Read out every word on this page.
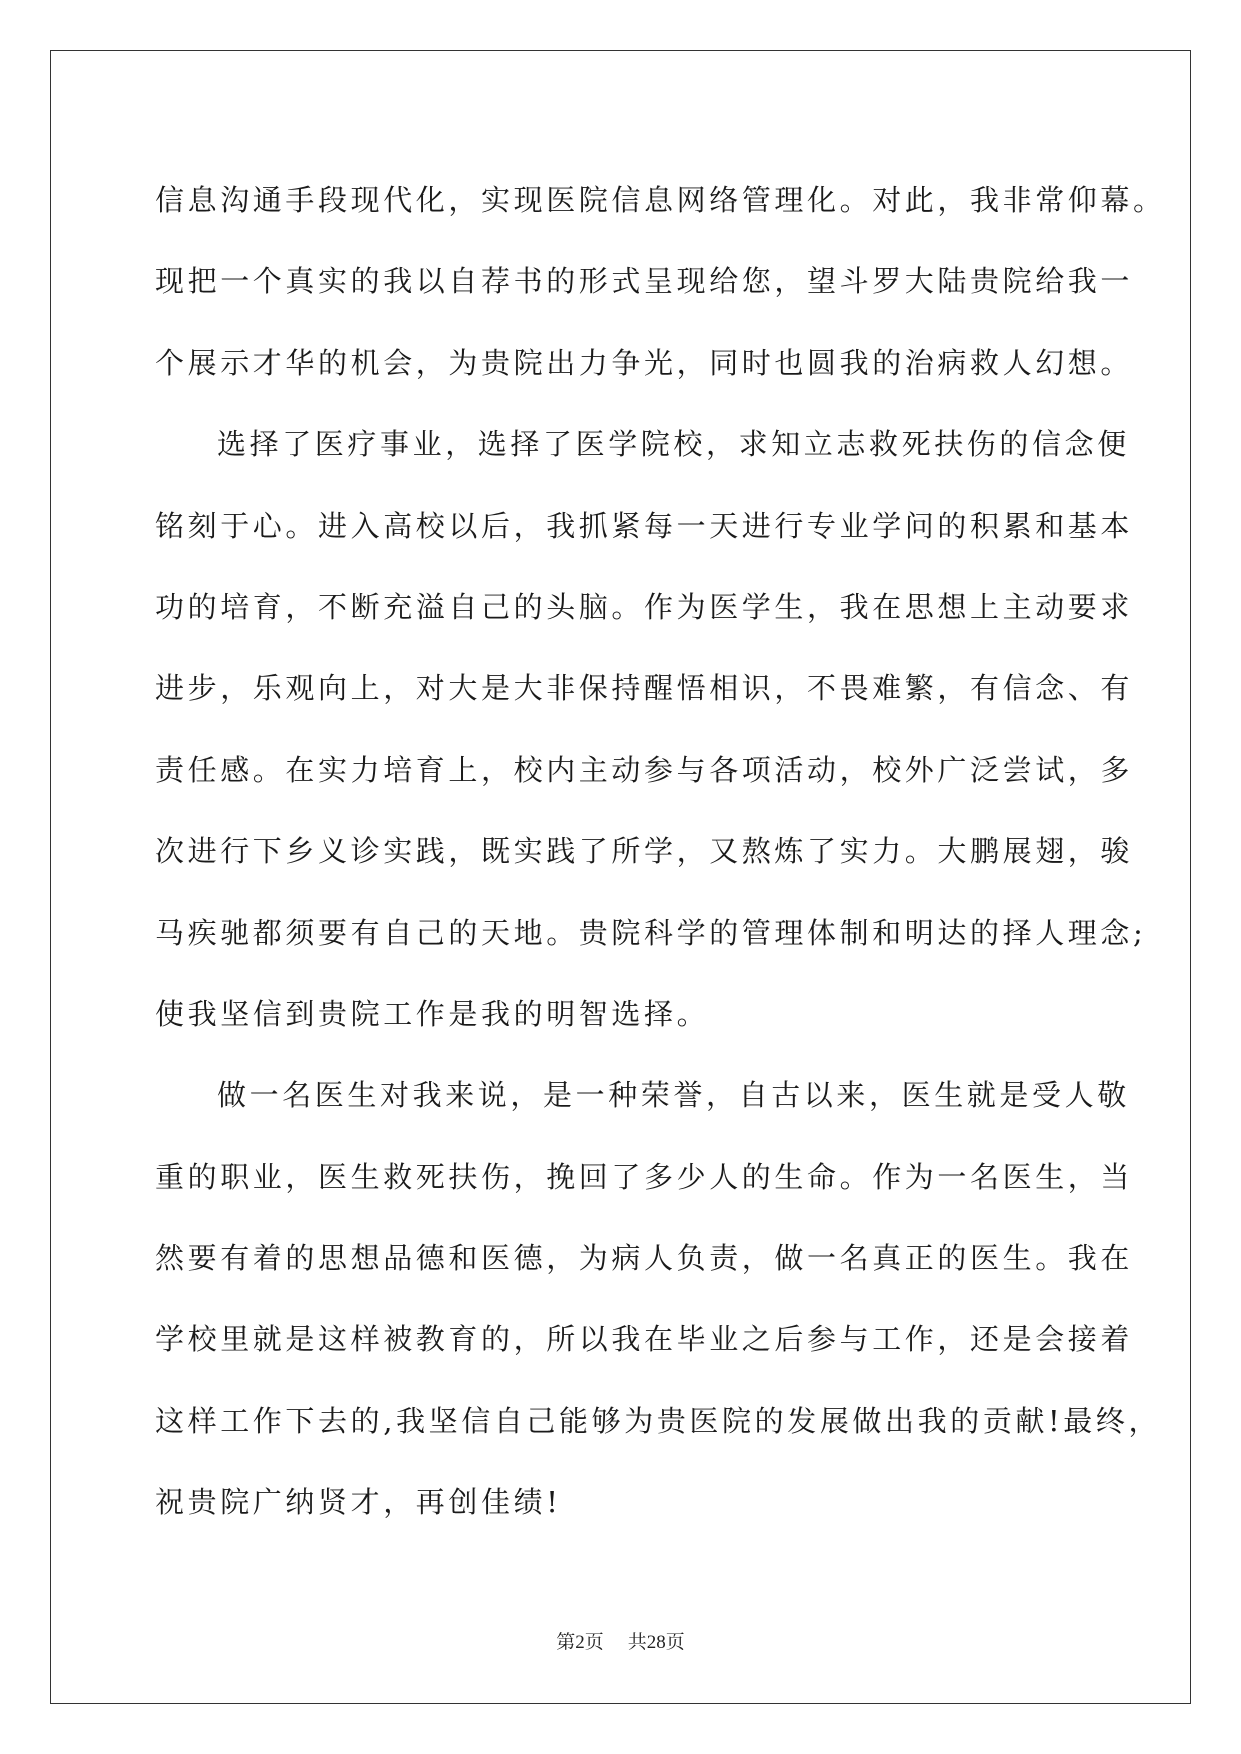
信息沟通手段现代化，实现医院信息网络管理化。对此，我非常仰幕。
现把一个真实的我以自荐书的形式呈现给您，望斗罗大陆贵院给我一
个展示才华的机会，为贵院出力争光，同时也圆我的治病救人幻想。
选择了医疗事业，选择了医学院校，求知立志救死扶伤的信念便
铭刻于心。进入高校以后，我抓紧每一天进行专业学问的积累和基本
功的培育，不断充溢自己的头脑。作为医学生，我在思想上主动要求
进步，乐观向上，对大是大非保持醒悟相识，不畏难繁，有信念、有
责任感。在实力培育上，校内主动参与各项活动，校外广泛尝试，多
次进行下乡义诊实践，既实践了所学，又熬炼了实力。大鹏展翅，骏
马疾驰都须要有自己的天地。贵院科学的管理体制和明达的择人理念;
使我坚信到贵院工作是我的明智选择。
做一名医生对我来说，是一种荣誉，自古以来，医生就是受人敬
重的职业，医生救死扶伤，挽回了多少人的生命。作为一名医生，当
然要有着的思想品德和医德，为病人负责，做一名真正的医生。我在
学校里就是这样被教育的，所以我在毕业之后参与工作，还是会接着
这样工作下去的,我坚信自己能够为贵医院的发展做出我的贡献!最终，
祝贵院广纳贤才，再创佳绩!
第2页 共28页
